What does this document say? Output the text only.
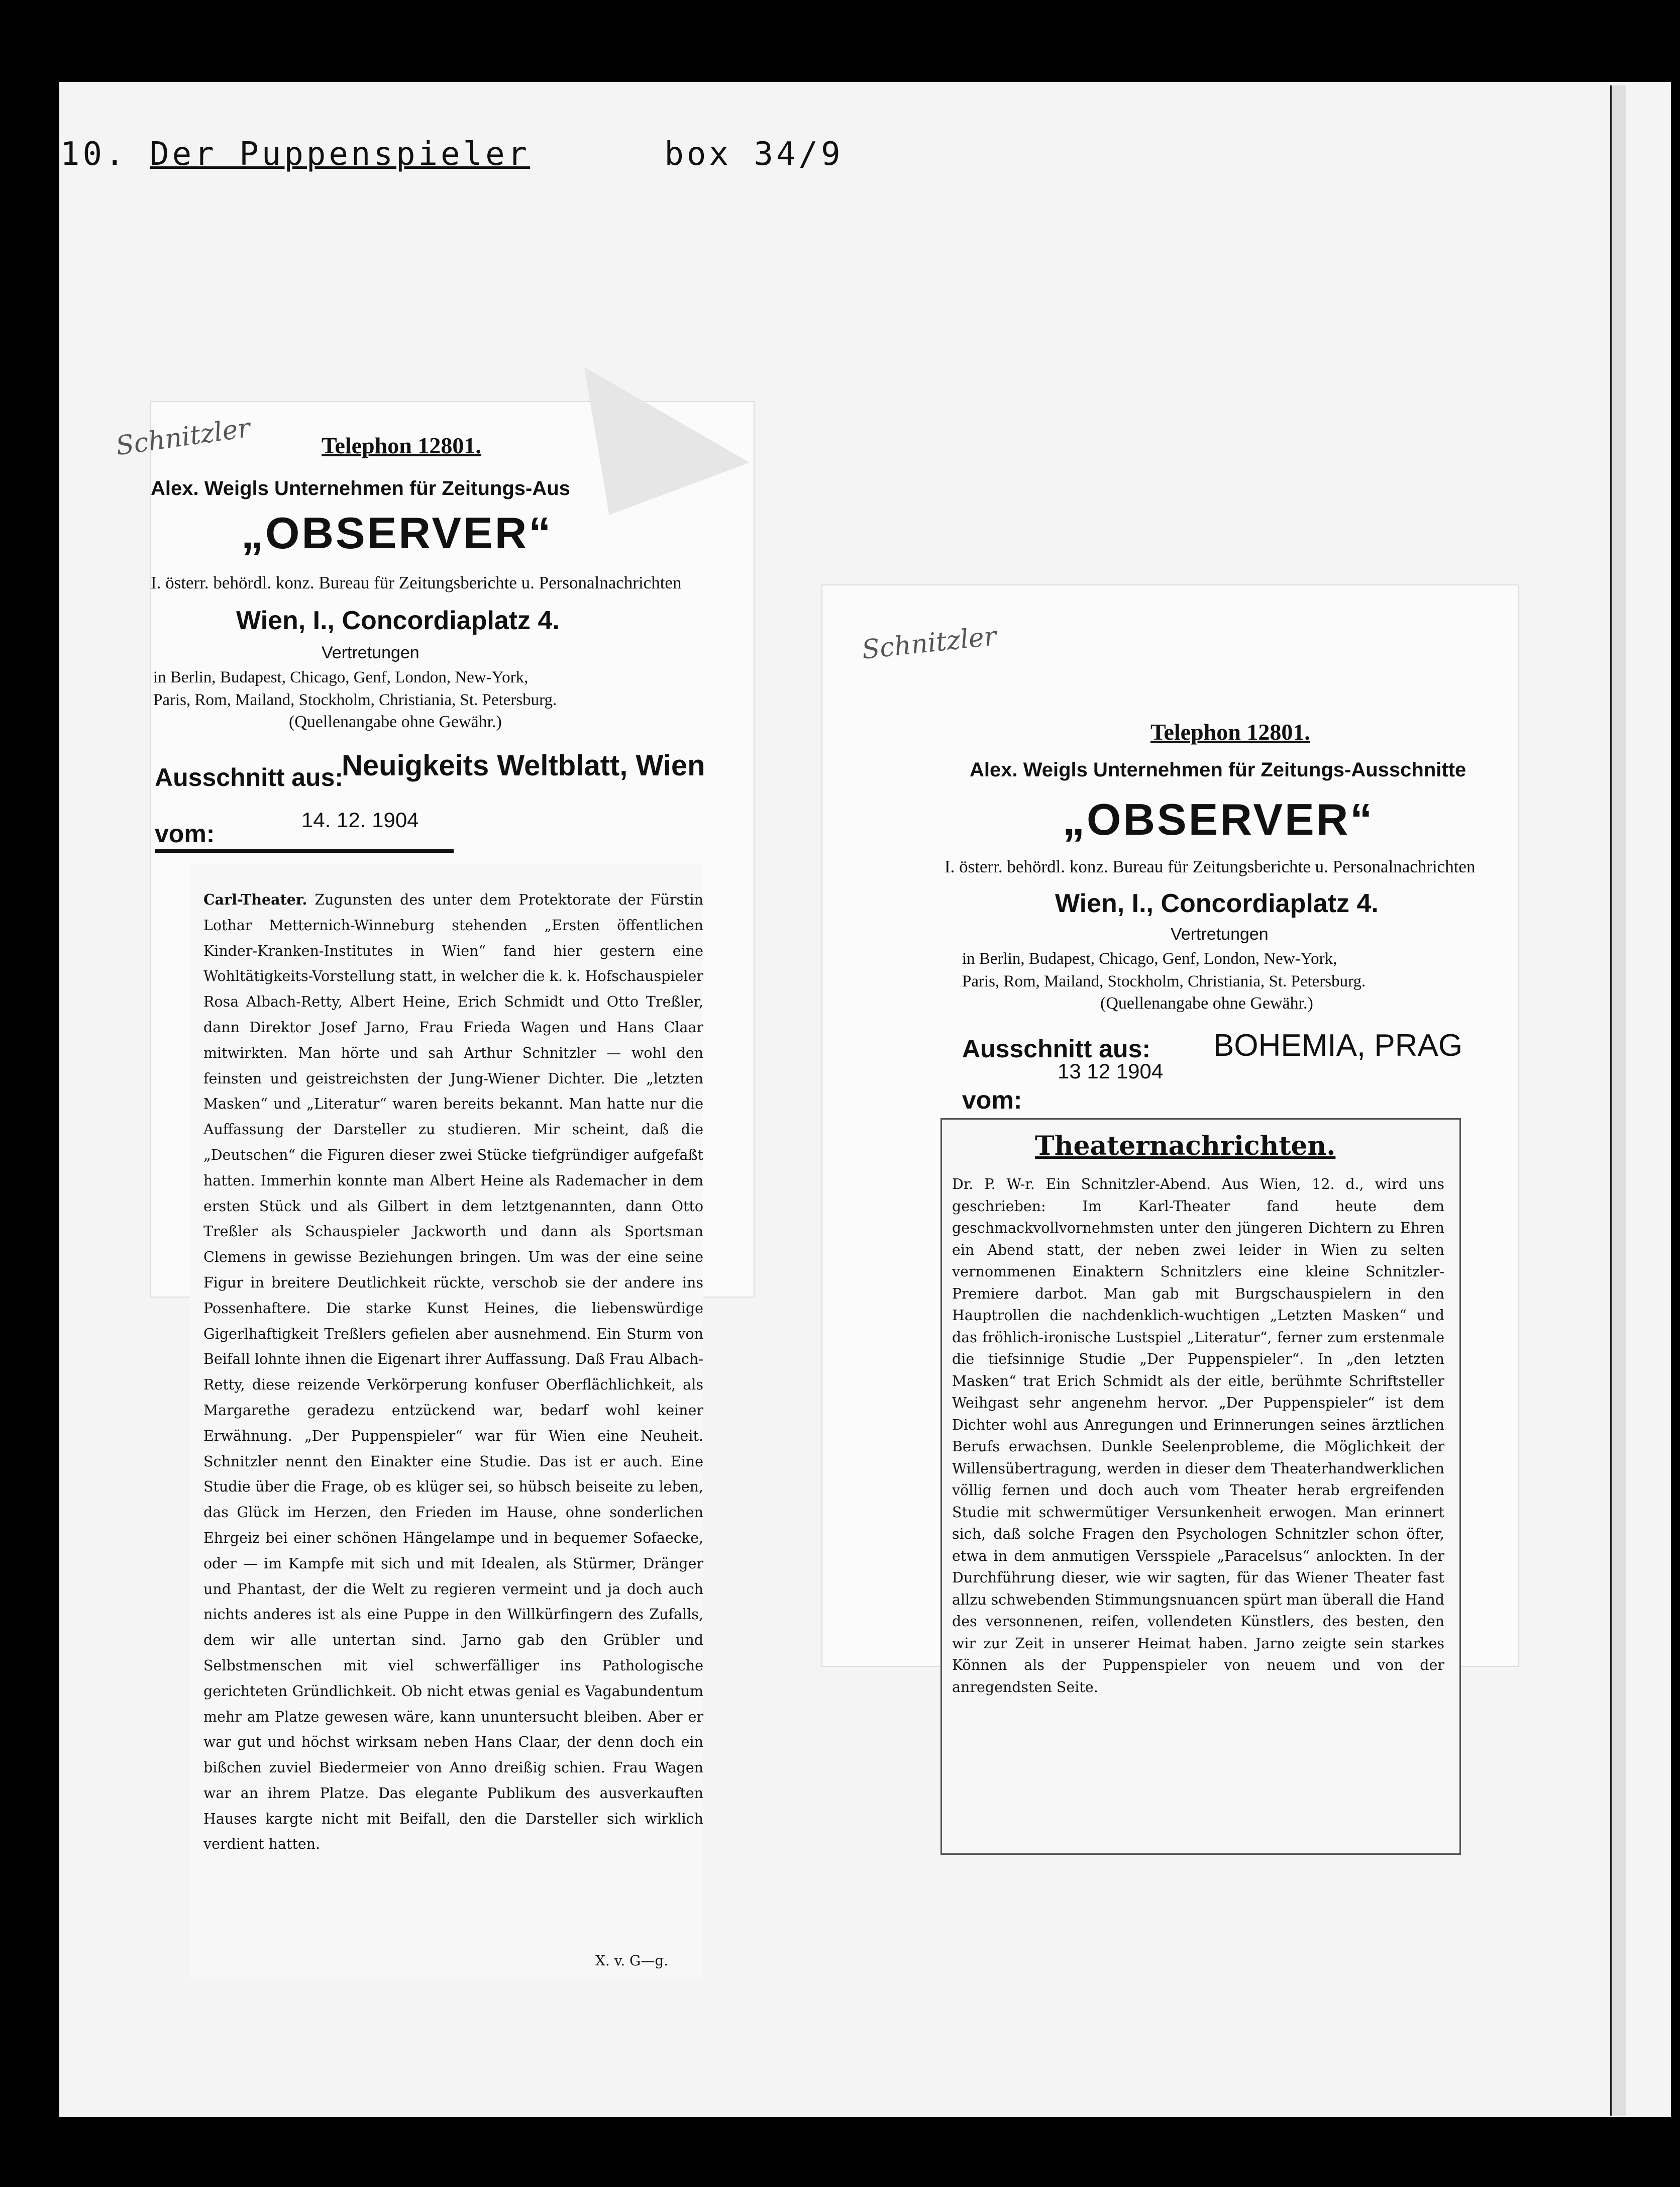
10. Der Puppenspieler	box 34/9
Schnitzler	Telephon 12801.
Alex. Weigls Unternehmen für Zeitungs-Aus
„OBSERVER“
I. österr. behördl. konz. Bureau für Zeitungsberichte u. Personalnachrichten
Wien, I., Concordiaplatz 4.
Vertretungen
in Berlin, Budapest, Chicago, Genf, London, New-York,
Paris, Rom, Mailand, Stockholm, Christiania, St. Petersburg.
(Quellenangabe ohne Gewähr.)
Ausschnitt aus:
Neuigkeits Weltblatt, Wien
14. 12. 1904
vom:
Carl-Theater. Zugunsten des unter dem Protektorate der Fürstin Lothar Metternich-Winneburg stehenden „Ersten öffentlichen Kinder-Kranken-Institutes in Wien“ fand hier gestern eine Wohltätigkeits-Vorstellung statt, in welcher die k. k. Hofschauspieler Rosa Albach-Retty, Albert Heine, Erich Schmidt und Otto Treßler, dann Direktor Josef Jarno, Frau Frieda Wagen und Hans Claar mitwirkten. Man hörte und sah Arthur Schnitzler — wohl den feinsten und geistreichsten der Jung-Wiener Dichter. Die „letzten Masken“ und „Literatur“ waren bereits bekannt. Man hatte nur die Auffassung der Darsteller zu studieren. Mir scheint, daß die „Deutschen“ die Figuren dieser zwei Stücke tiefgründiger aufgefaßt hatten. Immerhin konnte man Albert Heine als Rademacher in dem ersten Stück und als Gilbert in dem letztgenannten, dann Otto Treßler als Schauspieler Jackworth und dann als Sportsman Clemens in gewisse Beziehungen bringen. Um was der eine seine Figur in breitere Deutlichkeit rückte, verschob sie der andere ins Possenhaftere. Die starke Kunst Heines, die liebenswürdige Gigerlhaftigkeit Treßlers gefielen aber ausnehmend. Ein Sturm von Beifall lohnte ihnen die Eigenart ihrer Auffassung. Daß Frau Albach-Retty, diese reizende Verkörperung konfuser Oberflächlichkeit, als Margarethe geradezu entzückend war, bedarf wohl keiner Erwähnung. „Der Puppenspieler“ war für Wien eine Neuheit. Schnitzler nennt den Einakter eine Studie. Das ist er auch. Eine Studie über die Frage, ob es klüger sei, so hübsch beiseite zu leben, das Glück im Herzen, den Frieden im Hause, ohne sonderlichen Ehrgeiz bei einer schönen Hängelampe und in bequemer Sofaecke, oder — im Kampfe mit sich und mit Idealen, als Stürmer, Dränger und Phantast, der die Welt zu regieren vermeint und ja doch auch nichts anderes ist als eine Puppe in den Willkürfingern des Zufalls, dem wir alle untertan sind. Jarno gab den Grübler und Selbstmenschen mit viel schwerfälliger ins Pathologische gerichteten Gründlichkeit. Ob nicht etwas genial es Vagabundentum mehr am Platze gewesen wäre, kann ununtersucht bleiben. Aber er war gut und höchst wirksam neben Hans Claar, der denn doch ein bißchen zuviel Biedermeier von Anno dreißig schien. Frau Wagen war an ihrem Platze. Das elegante Publikum des ausverkauften Hauses kargte nicht mit Beifall, den die Darsteller sich wirklich verdient hatten.
X. v. G—g.
Schnitzler
Telephon 12801.
Alex. Weigls Unternehmen für Zeitungs-Ausschnitte
„OBSERVER“
I. österr. behördl. konz. Bureau für Zeitungsberichte u. Personalnachrichten
Wien, I., Concordiaplatz 4.
Vertretungen
in Berlin, Budapest, Chicago, Genf, London, New-York,
Paris, Rom, Mailand, Stockholm, Christiania, St. Petersburg.
(Quellenangabe ohne Gewähr.)
Ausschnitt aus: BOHEMIA, PRAG
13 12 1904
vom:
Theaternachrichten.
Dr. P. W-r. Ein Schnitzler-Abend. Aus Wien, 12. d., wird uns geschrieben: Im Karl-Theater fand heute dem geschmackvollvornehmsten unter den jüngeren Dichtern zu Ehren ein Abend statt, der neben zwei leider in Wien zu selten vernommenen Einaktern Schnitzlers eine kleine Schnitzler-Premiere darbot. Man gab mit Burgschauspielern in den Hauptrollen die nachdenklich-wuchtigen „Letzten Masken“ und das fröhlich-ironische Lustspiel „Literatur“, ferner zum erstenmale die tiefsinnige Studie „Der Puppenspieler“. In „den letzten Masken“ trat Erich Schmidt als der eitle, berühmte Schriftsteller Weihgast sehr angenehm hervor. „Der Puppenspieler“ ist dem Dichter wohl aus Anregungen und Erinnerungen seines ärztlichen Berufs erwachsen. Dunkle Seelenprobleme, die Möglichkeit der Willensübertragung, werden in dieser dem Theaterhandwerklichen völlig fernen und doch auch vom Theater herab ergreifenden Studie mit schwermütiger Versunkenheit erwogen. Man erinnert sich, daß solche Fragen den Psychologen Schnitzler schon öfter, etwa in dem anmutigen Versspiele „Paracelsus“ anlockten. In der Durchführung dieser, wie wir sagten, für das Wiener Theater fast allzu schwebenden Stimmungsnuancen spürt man überall die Hand des versonnenen, reifen, vollendeten Künstlers, des besten, den wir zur Zeit in unserer Heimat haben. Jarno zeigte sein starkes Können als der Puppenspieler von neuem und von der anregendsten Seite.
